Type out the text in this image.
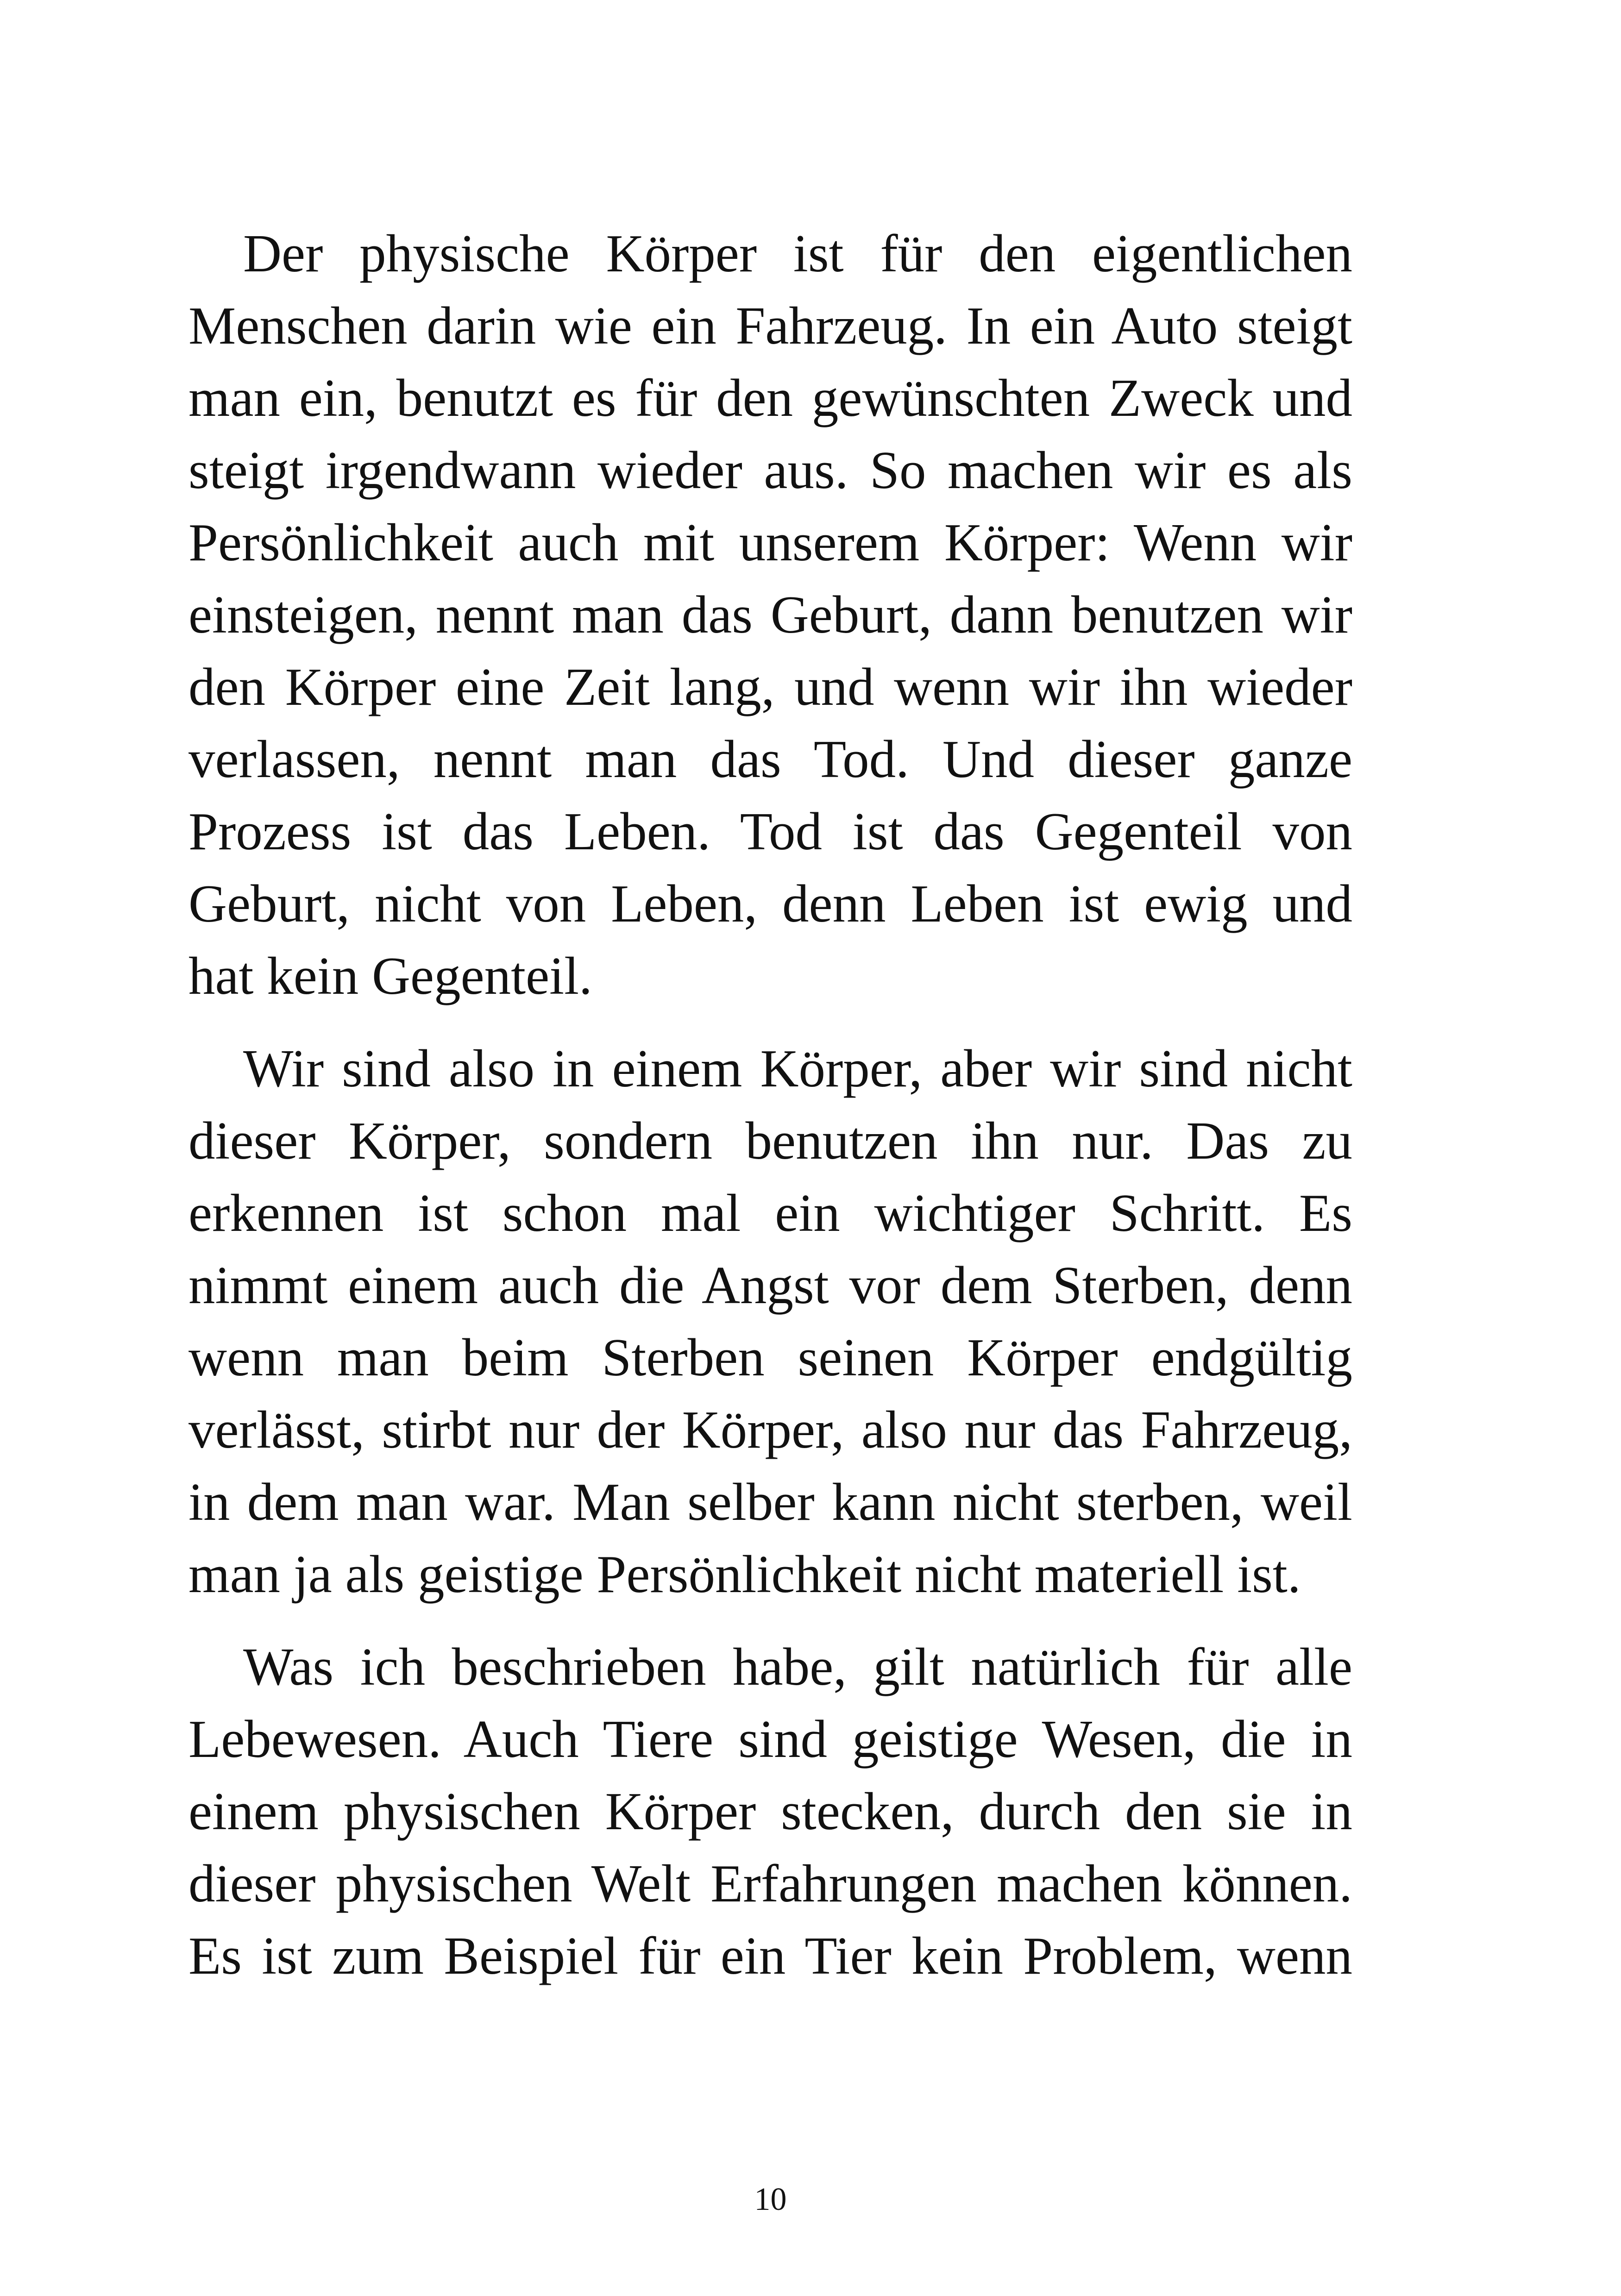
Der physische Körper ist für den eigentlichen
Menschen darin wie ein Fahrzeug. In ein Auto steigt
man ein, benutzt es für den gewünschten Zweck und
steigt irgendwann wieder aus. So machen wir es als
Persönlichkeit auch mit unserem Körper: Wenn wir
einsteigen, nennt man das Geburt, dann benutzen wir
den Körper eine Zeit lang, und wenn wir ihn wieder
verlassen, nennt man das Tod. Und dieser ganze
Prozess ist das Leben. Tod ist das Gegenteil von
Geburt, nicht von Leben, denn Leben ist ewig und
hat kein Gegenteil.
Wir sind also in einem Körper, aber wir sind nicht
dieser Körper, sondern benutzen ihn nur. Das zu
erkennen ist schon mal ein wichtiger Schritt. Es
nimmt einem auch die Angst vor dem Sterben, denn
wenn man beim Sterben seinen Körper endgültig
verlässt, stirbt nur der Körper, also nur das Fahrzeug,
in dem man war. Man selber kann nicht sterben, weil
man ja als geistige Persönlichkeit nicht materiell ist.
Was ich beschrieben habe, gilt natürlich für alle
Lebewesen. Auch Tiere sind geistige Wesen, die in
einem physischen Körper stecken, durch den sie in
dieser physischen Welt Erfahrungen machen können.
Es ist zum Beispiel für ein Tier kein Problem, wenn
10
